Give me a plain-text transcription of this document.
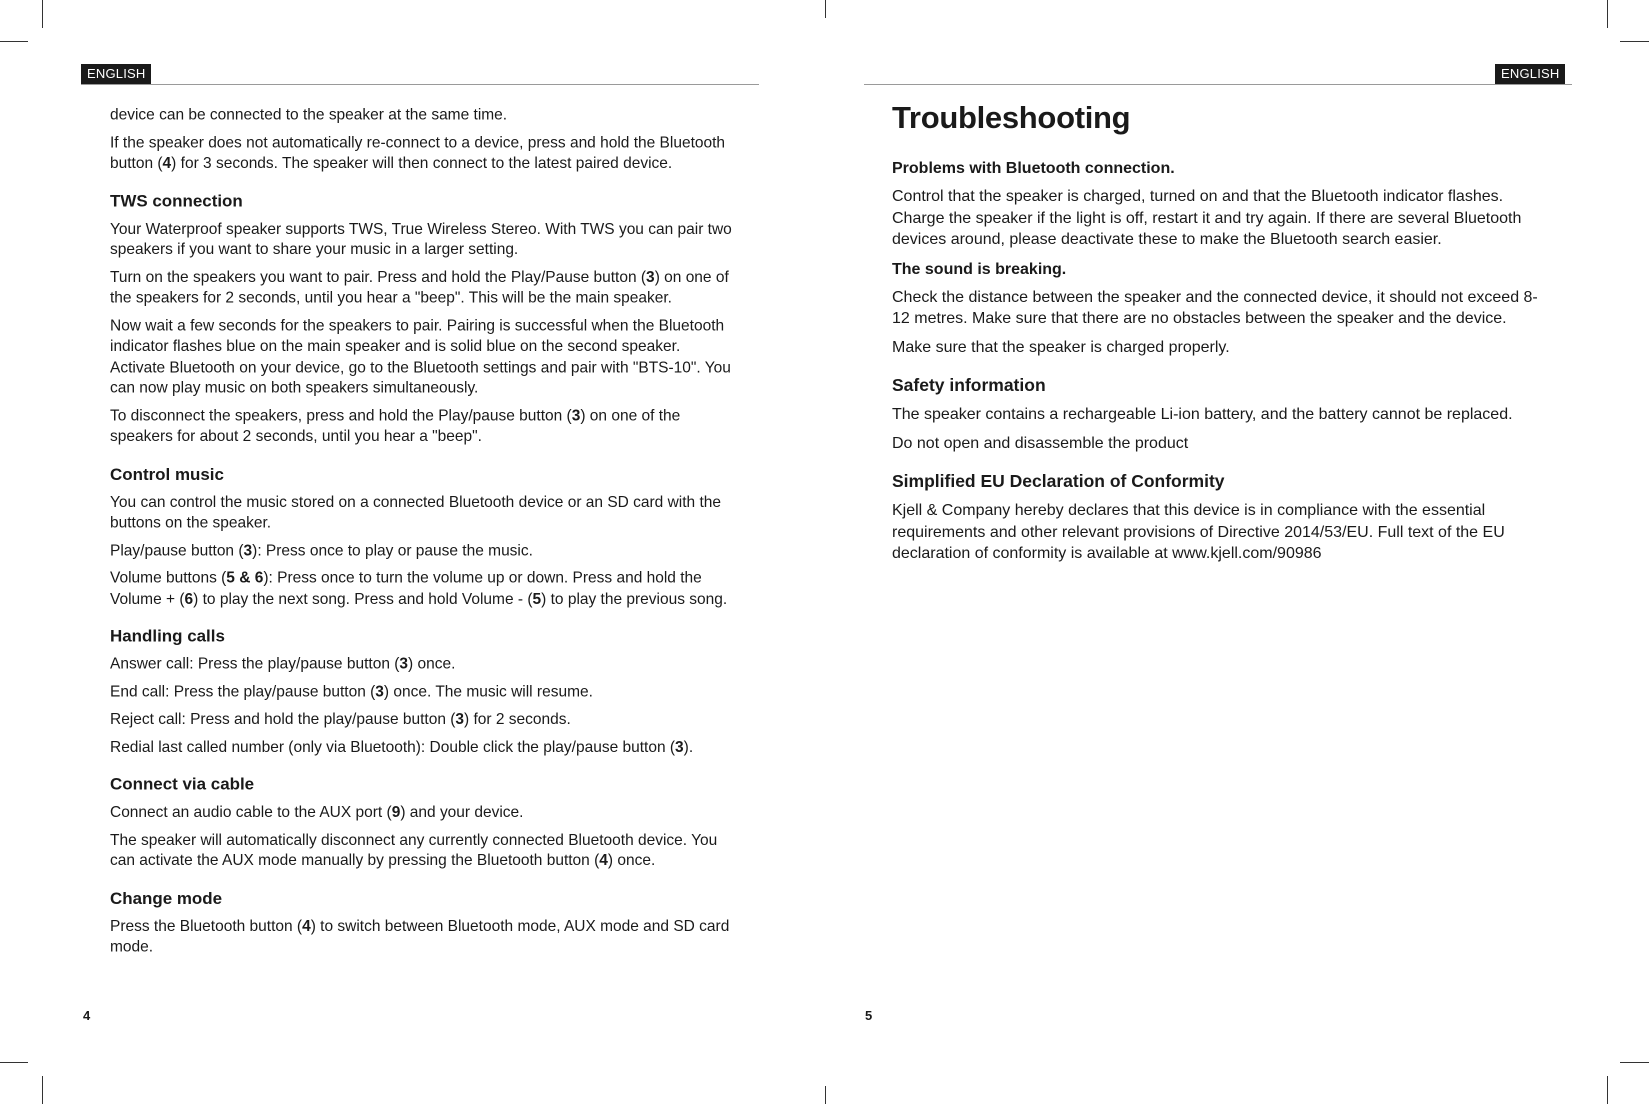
ENGLISH

device can be connected to the speaker at the same time.

If the speaker does not automatically re-connect to a device, press and hold the Bluetooth button (4) for 3 seconds. The speaker will then connect to the latest paired device.

TWS connection

Your Waterproof speaker supports TWS, True Wireless Stereo. With TWS you can pair two speakers if you want to share your music in a larger setting.

Turn on the speakers you want to pair. Press and hold the Play/Pause button (3) on one of the speakers for 2 seconds, until you hear a "beep". This will be the main speaker.

Now wait a few seconds for the speakers to pair. Pairing is successful when the Bluetooth indicator flashes blue on the main speaker and is solid blue on the second speaker. Activate Bluetooth on your device, go to the Bluetooth settings and pair with "BTS-10". You can now play music on both speakers simultaneously.

To disconnect the speakers, press and hold the Play/pause button (3) on one of the speakers for about 2 seconds, until you hear a "beep".

Control music

You can control the music stored on a connected Bluetooth device or an SD card with the buttons on the speaker.

Play/pause button (3): Press once to play or pause the music.

Volume buttons (5 & 6): Press once to turn the volume up or down. Press and hold the Volume + (6) to play the next song. Press and hold Volume - (5) to play the previous song.

Handling calls

Answer call: Press the play/pause button (3) once.

End call: Press the play/pause button (3) once. The music will resume.

Reject call: Press and hold the play/pause button (3) for 2 seconds.

Redial last called number (only via Bluetooth): Double click the play/pause button (3).

Connect via cable

Connect an audio cable to the AUX port (9) and your device.

The speaker will automatically disconnect any currently connected Bluetooth device. You can activate the AUX mode manually by pressing the Bluetooth button (4) once.

Change mode

Press the Bluetooth button (4) to switch between Bluetooth mode, AUX mode and SD card mode.

4
ENGLISH
Troubleshooting
Problems with Bluetooth connection.

Control that the speaker is charged, turned on and that the Bluetooth indicator flashes. Charge the speaker if the light is off, restart it and try again. If there are several Bluetooth devices around, please deactivate these to make the Bluetooth search easier.

The sound is breaking.

Check the distance between the speaker and the connected device, it should not exceed 8-12 metres. Make sure that there are no obstacles between the speaker and the device.

Make sure that the speaker is charged properly.

Safety information

The speaker contains a rechargeable Li-ion battery, and the battery cannot be replaced.

Do not open and disassemble the product

Simplified EU Declaration of Conformity

Kjell & Company hereby declares that this device is in compliance with the essential requirements and other relevant provisions of Directive 2014/53/EU. Full text of the EU declaration of conformity is available at www.kjell.com/90986

5
